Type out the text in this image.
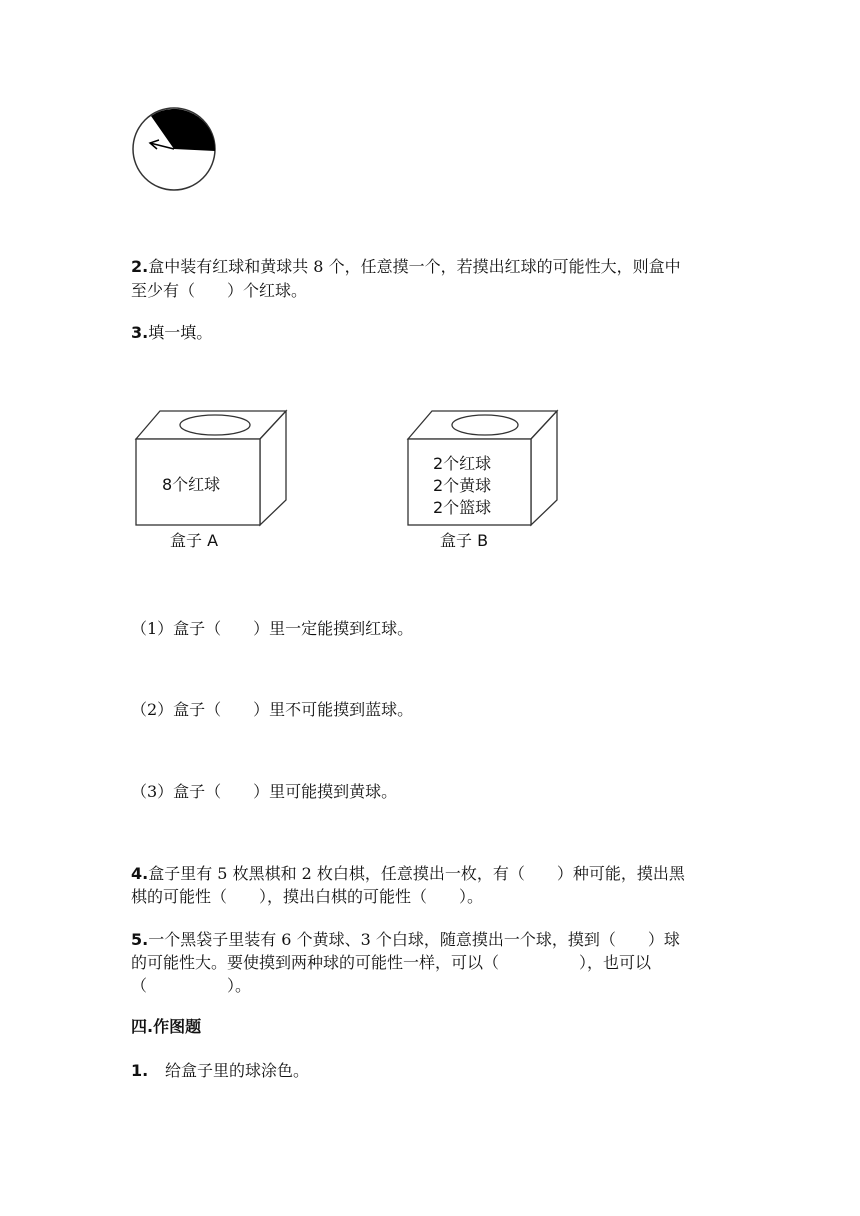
2.盒中装有红球和黄球共 8 个，任意摸一个，若摸出红球的可能性大，则盒中
至少有（　　）个红球。
3.填一填。
8个红球
盒子 A
2个红球
2个黄球
2个篮球
盒子 B
（1）盒子（　　）里一定能摸到红球。
（2）盒子（　　）里不可能摸到蓝球。
（3）盒子（　　）里可能摸到黄球。
4.盒子里有 5 枚黑棋和 2 枚白棋，任意摸出一枚，有（　　）种可能，摸出黑
棋的可能性（　　），摸出白棋的可能性（　　）。
5.一个黑袋子里装有 6 个黄球、3 个白球，随意摸出一个球，摸到（　　）球
的可能性大。要使摸到两种球的可能性一样，可以（　　　　　），也可以
（　　　　　）。
四.作图题
1. 给盒子里的球涂色。
